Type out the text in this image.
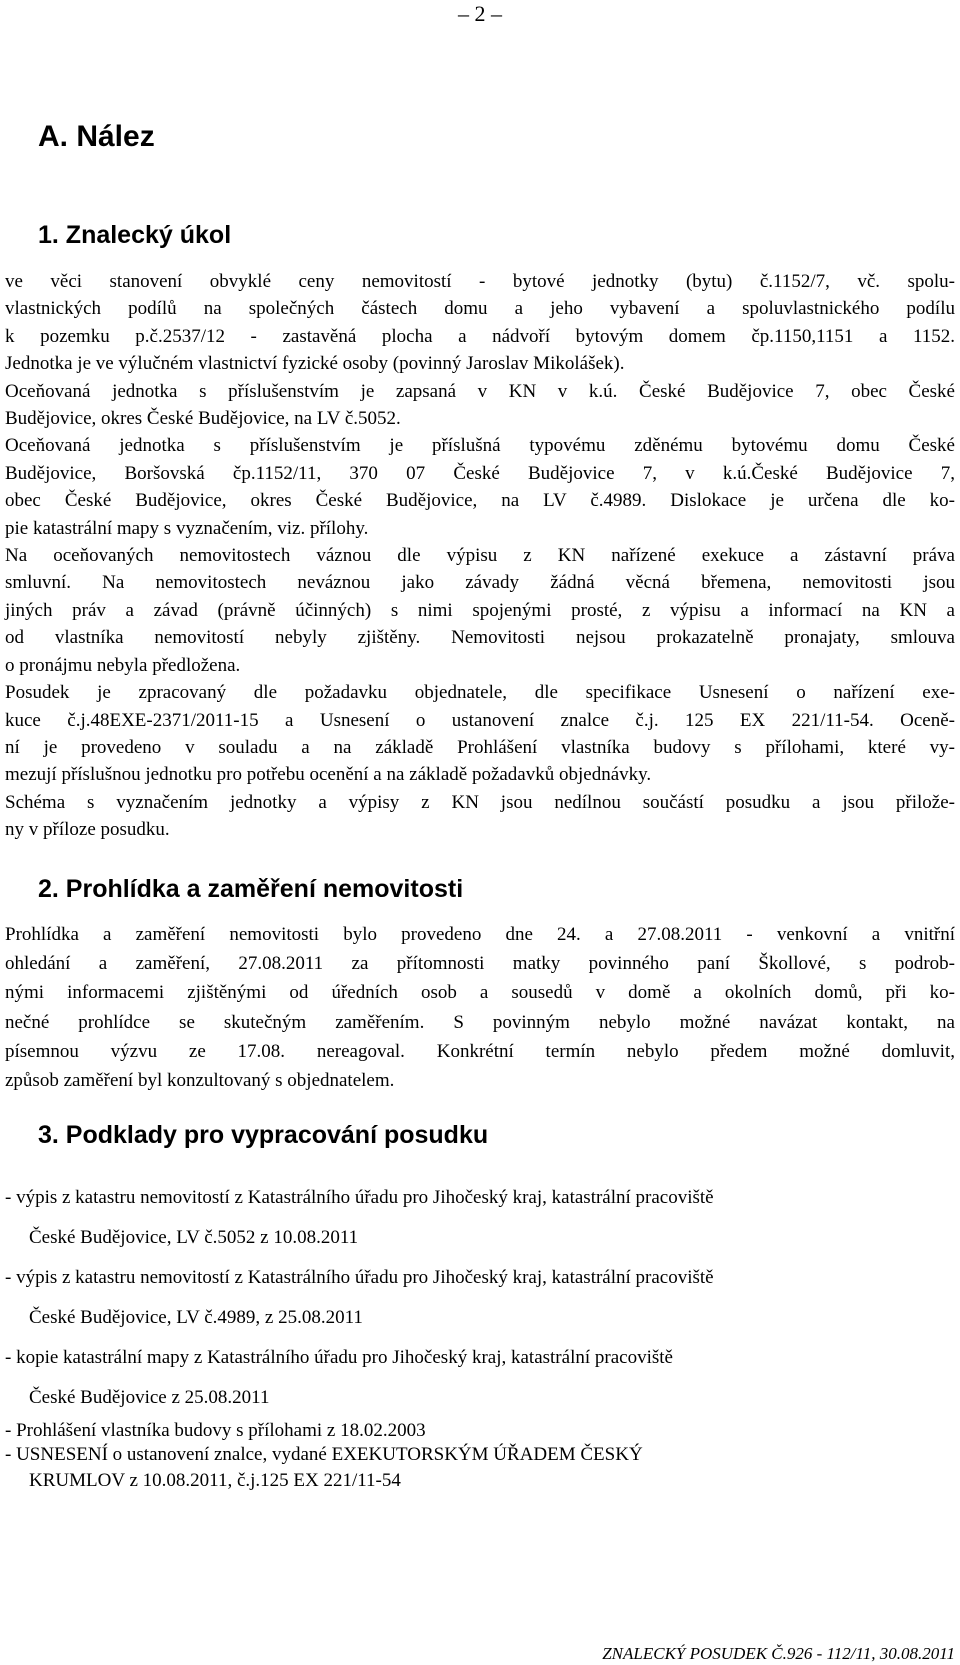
– 2 –
A. Nález
1. Znalecký úkol
ve věci stanovení obvyklé ceny nemovitostí - bytové jednotky (bytu) č.1152/7, vč. spolu-
vlastnických podílů na společných částech domu a jeho vybavení a spoluvlastnického podílu
k pozemku p.č.2537/12 - zastavěná plocha a nádvoří bytovým domem čp.1150,1151 a 1152.
Jednotka je ve výlučném vlastnictví fyzické osoby (povinný Jaroslav Mikolášek).
Oceňovaná jednotka s příslušenstvím je zapsaná v KN v k.ú. České Budějovice 7, obec České
Budějovice, okres České Budějovice, na LV č.5052.
Oceňovaná jednotka s příslušenstvím je příslušná typovému zděnému bytovému domu České
Budějovice, Boršovská čp.1152/11, 370 07 České Budějovice 7, v k.ú.České Budějovice 7,
obec České Budějovice, okres České Budějovice, na LV č.4989. Dislokace je určena dle ko-
pie katastrální mapy s vyznačením, viz. přílohy.
Na oceňovaných nemovitostech váznou dle výpisu z KN nařízené exekuce a zástavní práva
smluvní. Na nemovitostech neváznou jako závady žádná věcná břemena, nemovitosti jsou
jiných práv a závad (právně účinných) s nimi spojenými prosté, z výpisu a informací na KN a
od vlastníka nemovitostí nebyly zjištěny. Nemovitosti nejsou prokazatelně pronajaty, smlouva
o pronájmu nebyla předložena.
Posudek je zpracovaný dle požadavku objednatele, dle specifikace Usnesení o nařízení exe-
kuce č.j.48EXE-2371/2011-15 a Usnesení o ustanovení znalce č.j. 125 EX 221/11-54. Oceně-
ní je provedeno v souladu a na základě Prohlášení vlastníka budovy s přílohami, které vy-
mezují příslušnou jednotku pro potřebu ocenění a na základě požadavků objednávky.
Schéma s vyznačením jednotky a výpisy z KN jsou nedílnou součástí posudku a jsou přilože-
ny v příloze posudku.
2. Prohlídka a zaměření nemovitosti
Prohlídka a zaměření nemovitosti bylo provedeno dne 24. a 27.08.2011 - venkovní a vnitřní
ohledání a zaměření, 27.08.2011 za přítomnosti matky povinného paní Škollové, s podrob-
nými informacemi zjištěnými od úředních osob a sousedů v domě a okolních domů, při ko-
nečné prohlídce se skutečným zaměřením. S povinným nebylo možné navázat kontakt, na
písemnou výzvu ze 17.08. nereagoval. Konkrétní termín nebylo předem možné domluvit,
způsob zaměření byl konzultovaný s objednatelem.
3. Podklady pro vypracování posudku
- výpis z katastru nemovitostí z Katastrálního úřadu pro Jihočeský kraj, katastrální pracoviště
České Budějovice, LV č.5052 z 10.08.2011
- výpis z katastru nemovitostí z Katastrálního úřadu pro Jihočeský kraj, katastrální pracoviště
České Budějovice, LV č.4989, z 25.08.2011
- kopie katastrální mapy z Katastrálního úřadu pro Jihočeský kraj, katastrální pracoviště
České Budějovice z 25.08.2011
- Prohlášení vlastníka budovy s přílohami z 18.02.2003
- USNESENÍ o ustanovení znalce, vydané EXEKUTORSKÝM ÚŘADEM ČESKÝ
KRUMLOV z 10.08.2011, č.j.125 EX 221/11-54
ZNALECKÝ POSUDEK Č.926 - 112/11, 30.08.2011
